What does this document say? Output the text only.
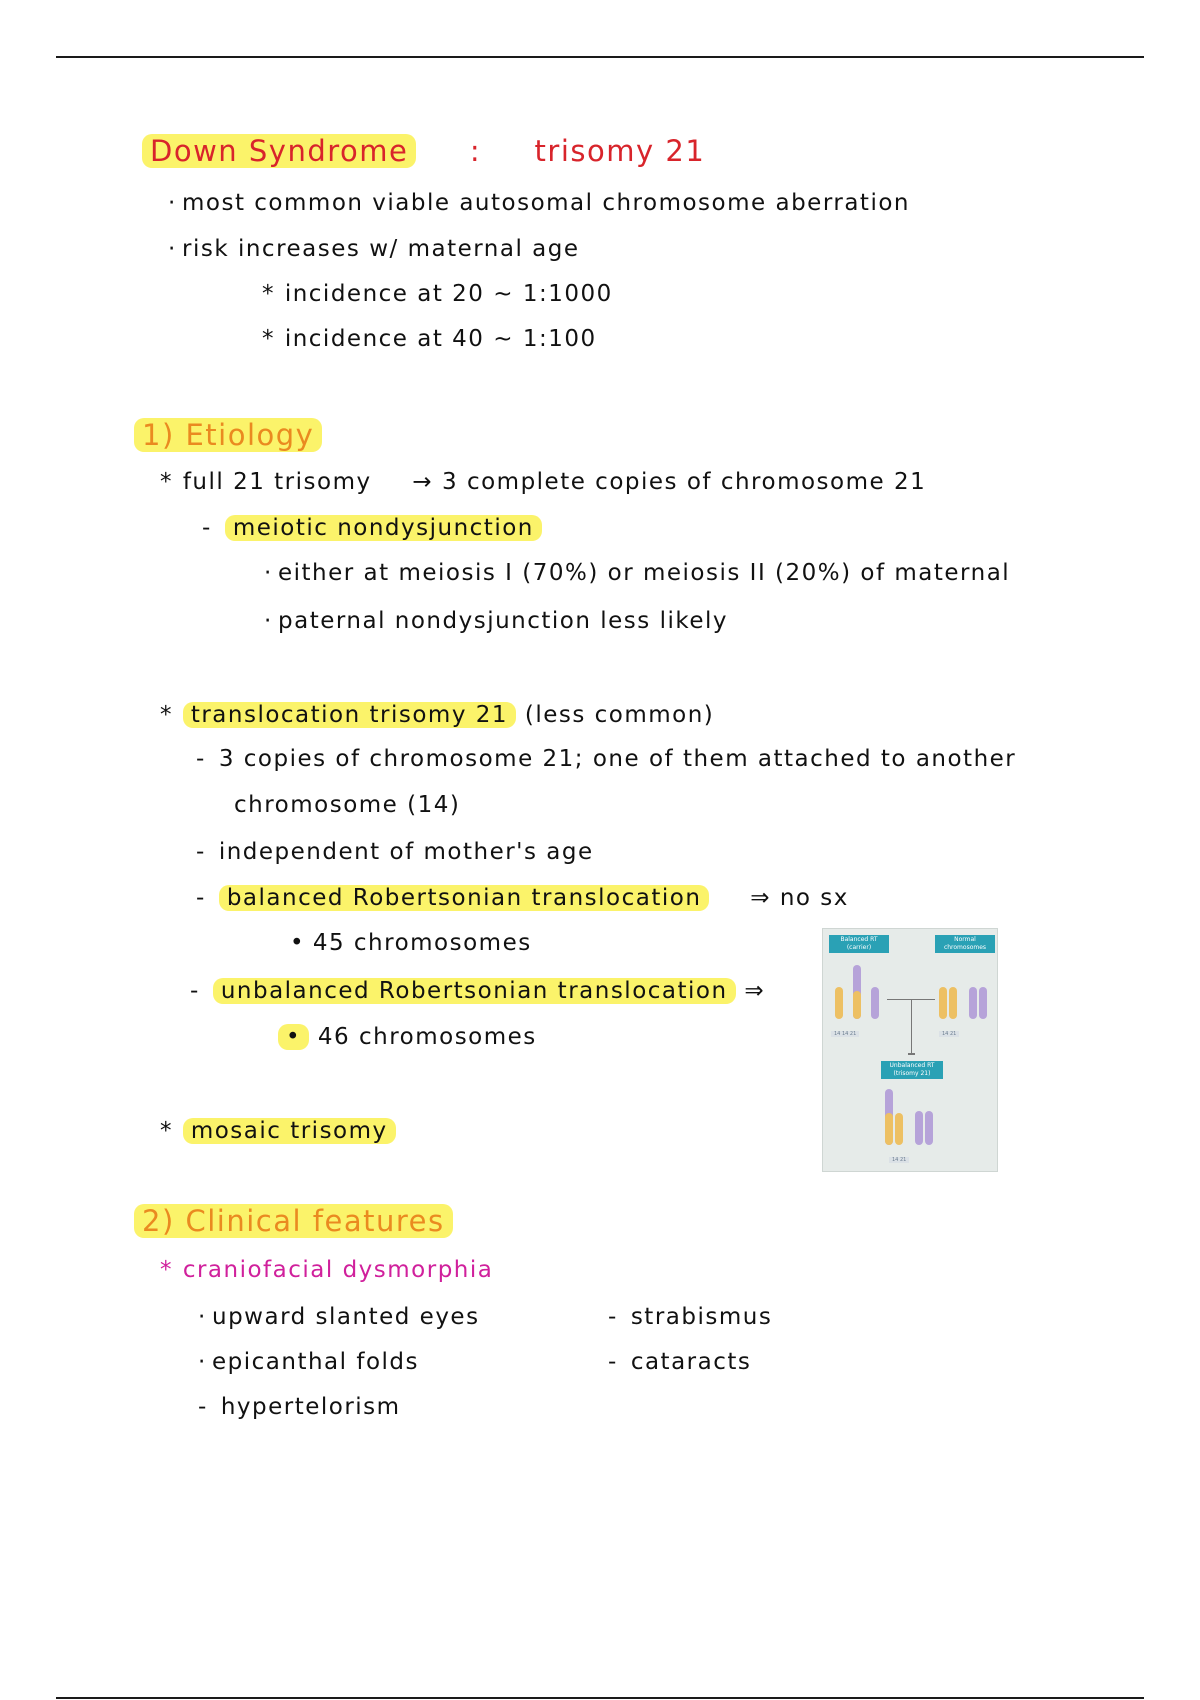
Down Syndrome : trisomy 21
· most common viable autosomal chromosome aberration
· risk increases w/ maternal age
* incidence at 20 ~ 1:1000
* incidence at 40 ~ 1:100
1) Etiology
* full 21 trisomy → 3 complete copies of chromosome 21
- meiotic nondysjunction
· either at meiosis I (70%) or meiosis II (20%) of maternal
· paternal nondysjunction less likely
* translocation trisomy 21 (less common)
- 3 copies of chromosome 21; one of them attached to another
chromosome (14)
- independent of mother's age
- balanced Robertsonian translocation ⇒ no sx
• 45 chromosomes
- unbalanced Robertsonian translocation ⇒
• 46 chromosomes
* mosaic trisomy
Balanced RT (carrier)
Normal chromosomes
14 14 21	14 21
Unbalanced RT (trisomy 21)
14 21
2) Clinical features
* craniofacial dysmorphia
· upward slanted eyes
· epicanthal folds
- hypertelorism
- strabismus
- cataracts
